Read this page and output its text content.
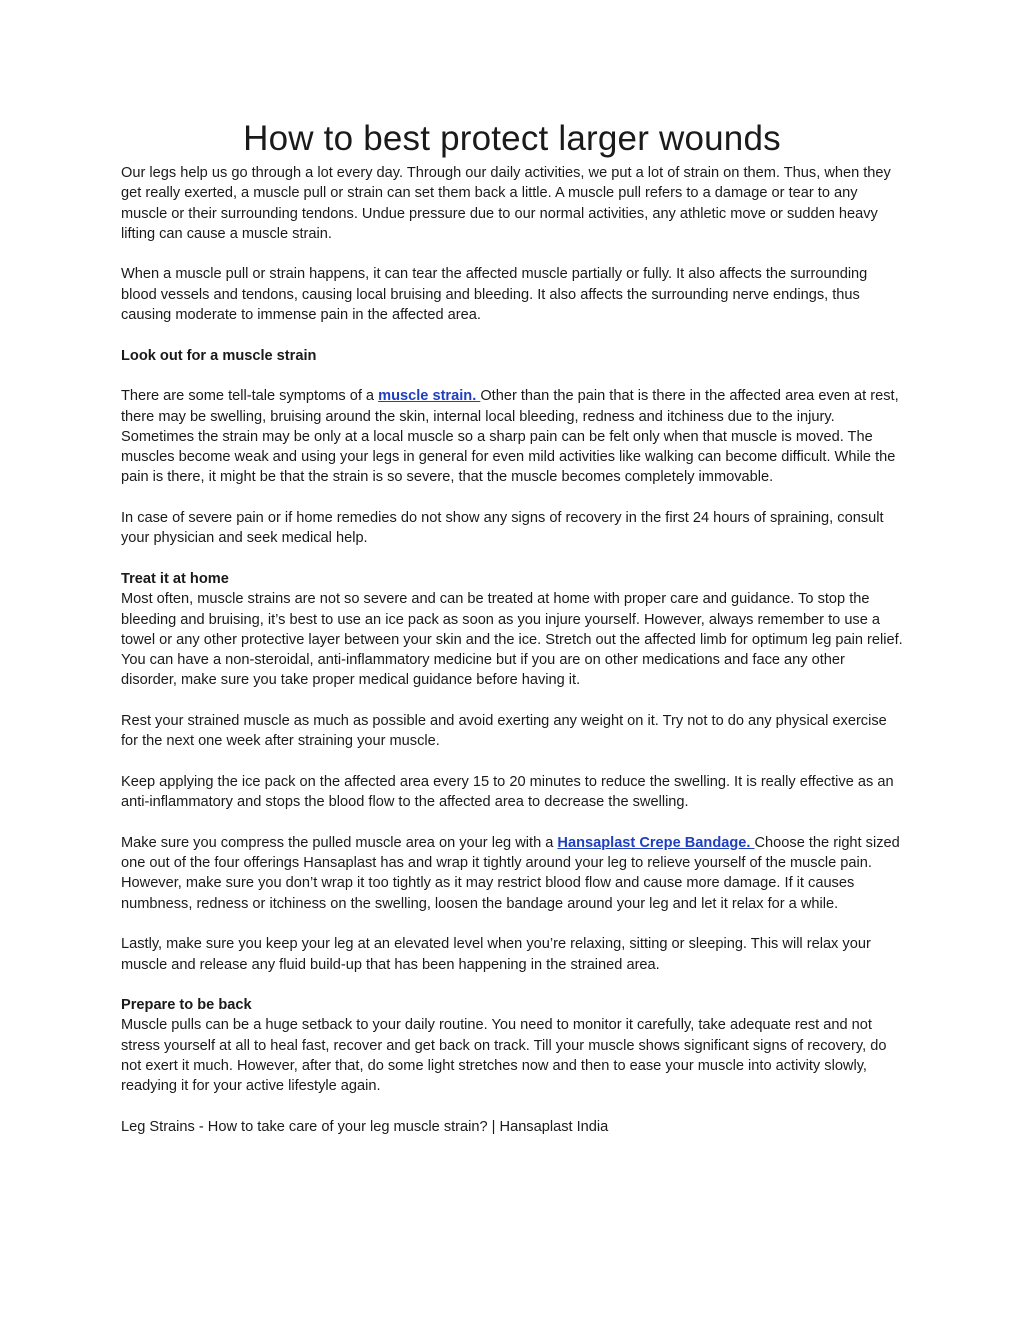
How to best protect larger wounds

Our legs help us go through a lot every day. Through our daily activities, we put a lot of strain on them. Thus, when they get really exerted, a muscle pull or strain can set them back a little. A muscle pull refers to a damage or tear to any muscle or their surrounding tendons. Undue pressure due to our normal activities, any athletic move or sudden heavy lifting can cause a muscle strain.

When a muscle pull or strain happens, it can tear the affected muscle partially or fully. It also affects the surrounding blood vessels and tendons, causing local bruising and bleeding. It also affects the surrounding nerve endings, thus causing moderate to immense pain in the affected area.

Look out for a muscle strain

There are some tell-tale symptoms of a muscle strain. Other than the pain that is there in the affected area even at rest, there may be swelling, bruising around the skin, internal local bleeding, redness and itchiness due to the injury. Sometimes the strain may be only at a local muscle so a sharp pain can be felt only when that muscle is moved. The muscles become weak and using your legs in general for even mild activities like walking can become difficult. While the pain is there, it might be that the strain is so severe, that the muscle becomes completely immovable.

In case of severe pain or if home remedies do not show any signs of recovery in the first 24 hours of spraining, consult your physician and seek medical help.

Treat it at home

Most often, muscle strains are not so severe and can be treated at home with proper care and guidance. To stop the bleeding and bruising, it’s best to use an ice pack as soon as you injure yourself. However, always remember to use a towel or any other protective layer between your skin and the ice. Stretch out the affected limb for optimum leg pain relief. You can have a non-steroidal, anti-inflammatory medicine but if you are on other medications and face any other disorder, make sure you take proper medical guidance before having it.

Rest your strained muscle as much as possible and avoid exerting any weight on it. Try not to do any physical exercise for the next one week after straining your muscle.

Keep applying the ice pack on the affected area every 15 to 20 minutes to reduce the swelling. It is really effective as an anti-inflammatory and stops the blood flow to the affected area to decrease the swelling.

Make sure you compress the pulled muscle area on your leg with a Hansaplast Crepe Bandage. Choose the right sized one out of the four offerings Hansaplast has and wrap it tightly around your leg to relieve yourself of the muscle pain. However, make sure you don’t wrap it too tightly as it may restrict blood flow and cause more damage. If it causes numbness, redness or itchiness on the swelling, loosen the bandage around your leg and let it relax for a while.

Lastly, make sure you keep your leg at an elevated level when you’re relaxing, sitting or sleeping. This will relax your muscle and release any fluid build-up that has been happening in the strained area.

Prepare to be back

Muscle pulls can be a huge setback to your daily routine. You need to monitor it carefully, take adequate rest and not stress yourself at all to heal fast, recover and get back on track. Till your muscle shows significant signs of recovery, do not exert it much. However, after that, do some light stretches now and then to ease your muscle into activity slowly, readying it for your active lifestyle again.

Leg Strains - How to take care of your leg muscle strain? | Hansaplast India
